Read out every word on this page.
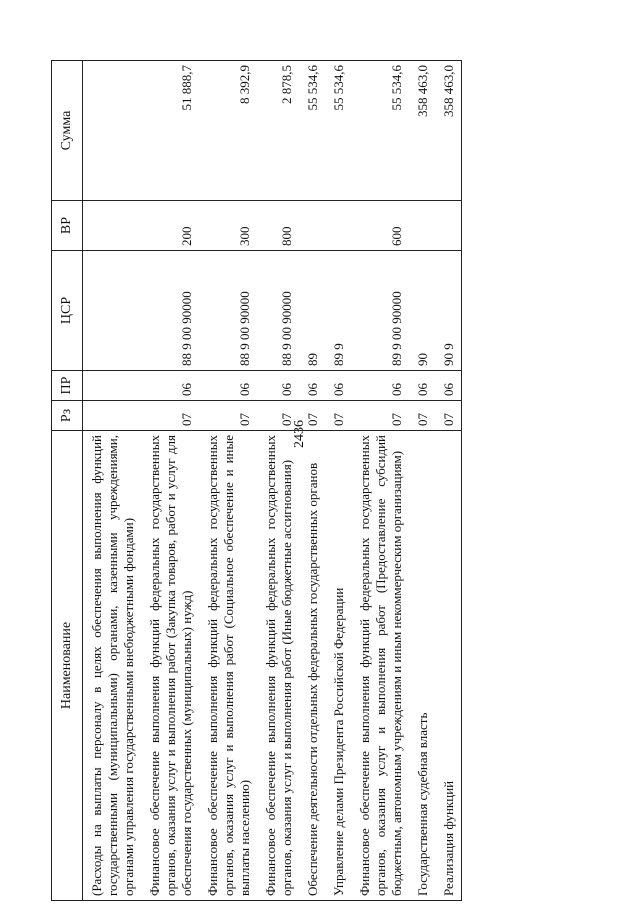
2436
Наименование	Рз	ПР	ЦСР	ВР	Сумма
(Расходы на выплаты персоналу в целях обеспечения выполнения функций государственными (муниципальными) органами, казенными учреждениями, органами управления государственными внебюджетными фондами)					
Финансовое обеспечение выполнения функций федеральных государственных органов, оказания услуг и выполнения работ (Закупка товаров, работ и услуг для обеспечения государственных (муниципальных) нужд)	07	06	88 9 00 90000	200	51 888,7
Финансовое обеспечение выполнения функций федеральных государственных органов, оказания услуг и выполнения работ (Социальное обеспечение и иные выплаты населению)	07	06	88 9 00 90000	300	8 392,9
Финансовое обеспечение выполнения функций федеральных государственных органов, оказания услуг и выполнения работ (Иные бюджетные ассигнования)	07	06	88 9 00 90000	800	2 878,5
Обеспечение деятельности отдельных федеральных государственных органов	07	06	89		55 534,6
Управление делами Президента Российской Федерации	07	06	89 9		55 534,6
Финансовое обеспечение выполнения функций федеральных государственных органов, оказания услуг и выполнения работ (Предоставление субсидий бюджетным, автономным учреждениям и иным некоммерческим организациям)	07	06	89 9 00 90000	600	55 534,6
Государственная судебная власть	07	06	90		358 463,0
Реализация функций	07	06	90 9		358 463,0
